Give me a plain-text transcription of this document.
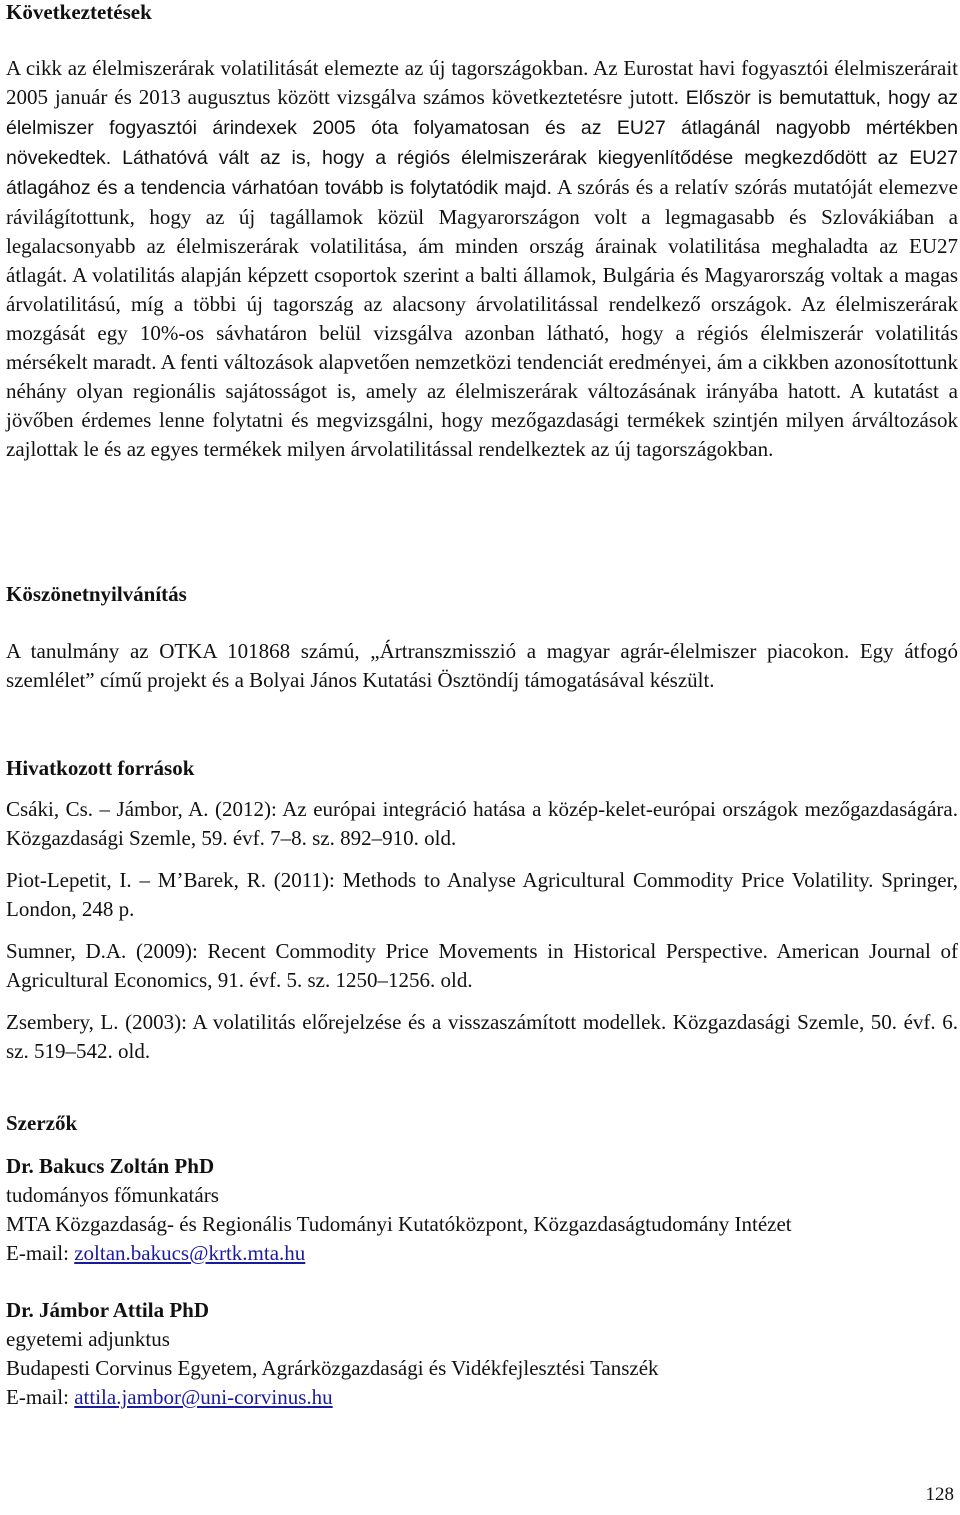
Következtetések

A cikk az élelmiszerárak volatilitását elemezte az új tagországokban. Az Eurostat havi fogyasztói élelmiszerárait 2005 január és 2013 augusztus között vizsgálva számos következtetésre jutott. Először is bemutattuk, hogy az élelmiszer fogyasztói árindexek 2005 óta folyamatosan és az EU27 átlagánál nagyobb mértékben növekedtek. Láthatóvá vált az is, hogy a régiós élelmiszerárak kiegyenlítődése megkezdődött az EU27 átlagához és a tendencia várhatóan tovább is folytatódik majd. A szórás és a relatív szórás mutatóját elemezve rávilágítottunk, hogy az új tagállamok közül Magyarországon volt a legmagasabb és Szlovákiában a legalacsonyabb az élelmiszerárak volatilitása, ám minden ország árainak volatilitása meghaladta az EU27 átlagát. A volatilitás alapján képzett csoportok szerint a balti államok, Bulgária és Magyarország voltak a magas árvolatilitású, míg a többi új tagország az alacsony árvolatilitással rendelkező országok. Az élelmiszerárak mozgását egy 10%-os sávhatáron belül vizsgálva azonban látható, hogy a régiós élelmiszerár volatilitás mérsékelt maradt. A fenti változások alapvetően nemzetközi tendenciát eredményei, ám a cikkben azonosítottunk néhány olyan regionális sajátosságot is, amely az élelmiszerárak változásának irányába hatott. A kutatást a jövőben érdemes lenne folytatni és megvizsgálni, hogy mezőgazdasági termékek szintjén milyen árváltozások zajlottak le és az egyes termékek milyen árvolatilitással rendelkeztek az új tagországokban.

Köszönetnyilvánítás

A tanulmány az OTKA 101868 számú, „Ártranszmisszió a magyar agrár-élelmiszer piacokon. Egy átfogó szemlélet” című projekt és a Bolyai János Kutatási Ösztöndíj támogatásával készült.

Hivatkozott források

Csáki, Cs. – Jámbor, A. (2012): Az európai integráció hatása a közép-kelet-európai országok mezőgazdaságára. Közgazdasági Szemle, 59. évf. 7–8. sz. 892–910. old.

Piot-Lepetit, I. – M’Barek, R. (2011): Methods to Analyse Agricultural Commodity Price Volatility. Springer, London, 248 p.

Sumner, D.A. (2009): Recent Commodity Price Movements in Historical Perspective. American Journal of Agricultural Economics, 91. évf. 5. sz. 1250–1256. old.

Zsembery, L. (2003): A volatilitás előrejelzése és a visszaszámított modellek. Közgazdasági Szemle, 50. évf. 6. sz. 519–542. old.

Szerzők
Dr. Bakucs Zoltán PhD
tudományos főmunkatárs
MTA Közgazdaság- és Regionális Tudományi Kutatóközpont, Közgazdaságtudomány Intézet
E-mail: zoltan.bakucs@krtk.mta.hu
Dr. Jámbor Attila PhD
egyetemi adjunktus
Budapesti Corvinus Egyetem, Agrárközgazdasági és Vidékfejlesztési Tanszék
E-mail: attila.jambor@uni-corvinus.hu
128
